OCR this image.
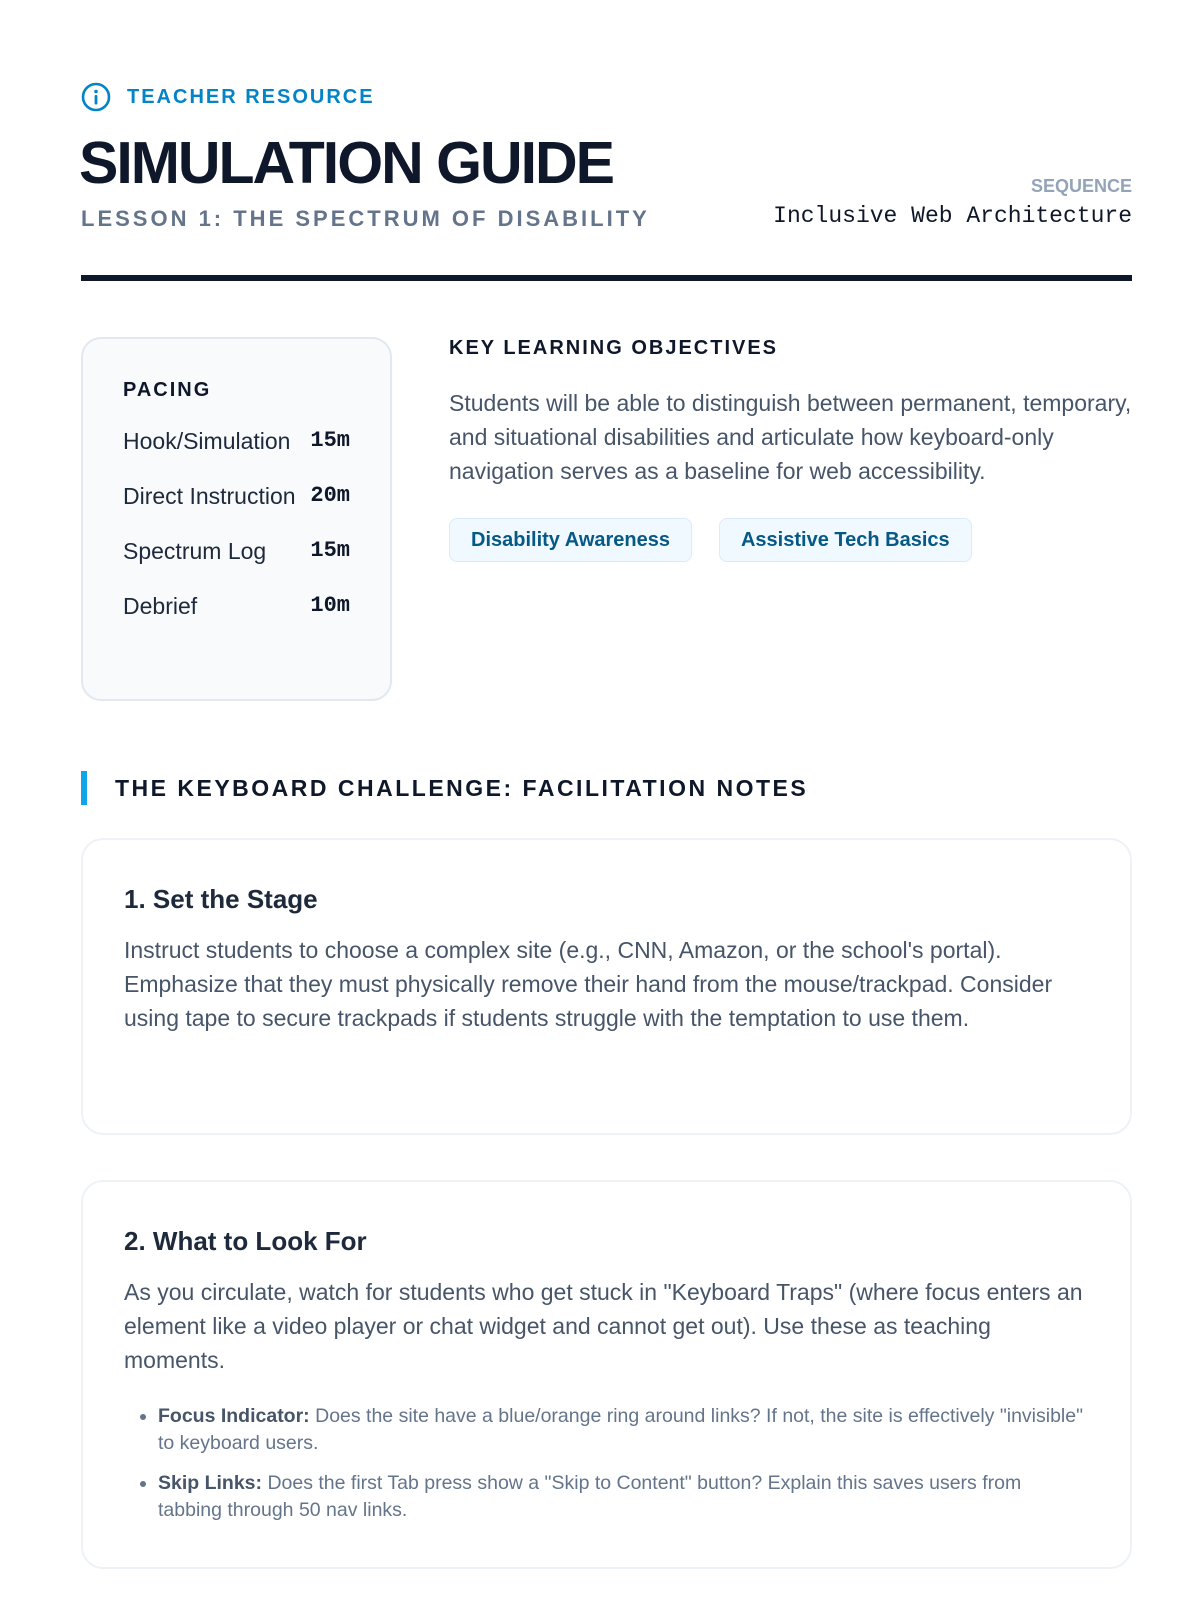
TEACHER RESOURCE
SIMULATION GUIDE
LESSON 1: THE SPECTRUM OF DISABILITY
SEQUENCE
Inclusive Web Architecture
PACING
Hook/Simulation 15m
Direct Instruction 20m
Spectrum Log	15m
Debrief	10m
KEY LEARNING OBJECTIVES

Students will be able to distinguish between permanent, temporary, and situational disabilities and articulate how keyboard-only navigation serves as a baseline for web accessibility.

Disability Awareness	Assistive Tech Basics
THE KEYBOARD CHALLENGE: FACILITATION NOTES
1. Set the Stage

Instruct students to choose a complex site (e.g., CNN, Amazon, or the school's portal). Emphasize that they must physically remove their hand from the mouse/trackpad. Consider using tape to secure trackpads if students struggle with the temptation to use them.

2. What to Look For

As you circulate, watch for students who get stuck in "Keyboard Traps" (where focus enters an element like a video player or chat widget and cannot get out). Use these as teaching moments.

• Focus Indicator: Does the site have a blue/orange ring around links? If not, the site is effectively "invisible" to keyboard users.
• Skip Links: Does the first Tab press show a "Skip to Content" button? Explain this saves users from tabbing through 50 nav links.
